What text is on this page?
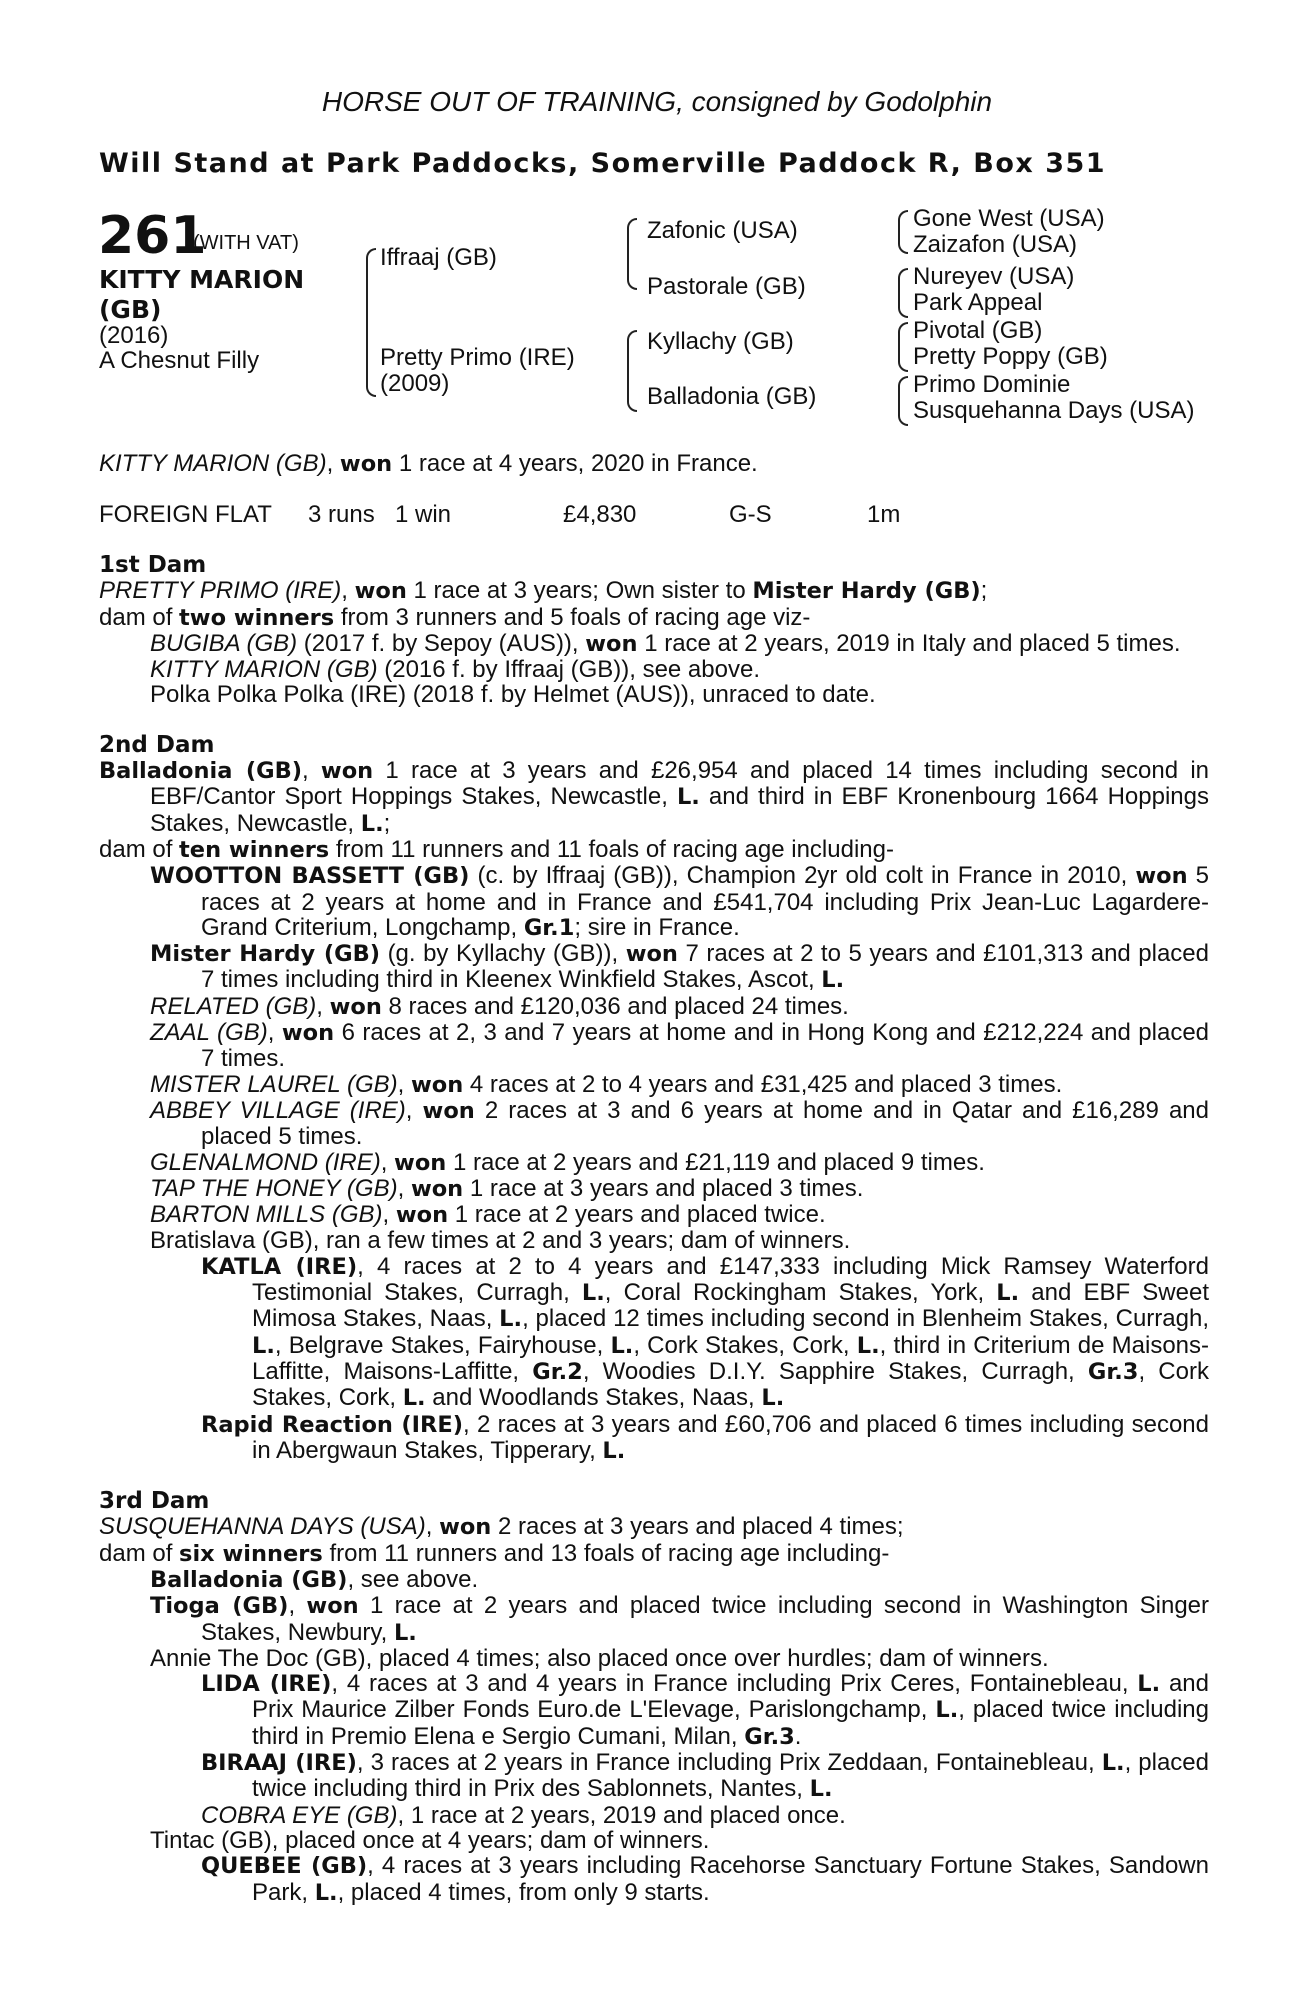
HORSE OUT OF TRAINING, consigned by Godolphin
Will Stand at Park Paddocks, Somerville Paddock R, Box 351
261
(WITH VAT)
KITTY MARION (GB)
(2016)
A Chesnut Filly
Iffraaj (GB)
Pretty Primo (IRE)
(2009)
Zafonic (USA)
Pastorale (GB)
Kyllachy (GB)
Balladonia (GB)
Gone West (USA)
Zaizafon (USA)
Nureyev (USA)
Park Appeal
Pivotal (GB)
Pretty Poppy (GB)
Primo Dominie
Susquehanna Days (USA)
KITTY MARION (GB), won 1 race at 4 years, 2020 in France.
FOREIGN FLAT 3 runs 1 win	£4,830	G-S	1m
1st Dam
PRETTY PRIMO (IRE), won 1 race at 3 years; Own sister to Mister Hardy (GB);
dam of two winners from 3 runners and 5 foals of racing age viz-
BUGIBA (GB) (2017 f. by Sepoy (AUS)), won 1 race at 2 years, 2019 in Italy and placed 5 times.
KITTY MARION (GB) (2016 f. by Iffraaj (GB)), see above.
Polka Polka Polka (IRE) (2018 f. by Helmet (AUS)), unraced to date.
2nd Dam
Balladonia (GB), won 1 race at 3 years and £26,954 and placed 14 times including second in EBF/Cantor Sport Hoppings Stakes, Newcastle, L. and third in EBF Kronenbourg 1664 Hoppings Stakes, Newcastle, L.;
dam of ten winners from 11 runners and 11 foals of racing age including-
WOOTTON BASSETT (GB) (c. by Iffraaj (GB)), Champion 2yr old colt in France in 2010, won 5 races at 2 years at home and in France and £541,704 including Prix Jean-Luc Lagardere-Grand Criterium, Longchamp, Gr.1; sire in France.
Mister Hardy (GB) (g. by Kyllachy (GB)), won 7 races at 2 to 5 years and £101,313 and placed 7 times including third in Kleenex Winkfield Stakes, Ascot, L.
RELATED (GB), won 8 races and £120,036 and placed 24 times.
ZAAL (GB), won 6 races at 2, 3 and 7 years at home and in Hong Kong and £212,224 and placed 7 times.
MISTER LAUREL (GB), won 4 races at 2 to 4 years and £31,425 and placed 3 times.
ABBEY VILLAGE (IRE), won 2 races at 3 and 6 years at home and in Qatar and £16,289 and placed 5 times.
GLENALMOND (IRE), won 1 race at 2 years and £21,119 and placed 9 times.
TAP THE HONEY (GB), won 1 race at 3 years and placed 3 times.
BARTON MILLS (GB), won 1 race at 2 years and placed twice.
Bratislava (GB), ran a few times at 2 and 3 years; dam of winners.
KATLA (IRE), 4 races at 2 to 4 years and £147,333 including Mick Ramsey Waterford Testimonial Stakes, Curragh, L., Coral Rockingham Stakes, York, L. and EBF Sweet Mimosa Stakes, Naas, L., placed 12 times including second in Blenheim Stakes, Curragh, L., Belgrave Stakes, Fairyhouse, L., Cork Stakes, Cork, L., third in Criterium de Maisons-Laffitte, Maisons-Laffitte, Gr.2, Woodies D.I.Y. Sapphire Stakes, Curragh, Gr.3, Cork Stakes, Cork, L. and Woodlands Stakes, Naas, L.
Rapid Reaction (IRE), 2 races at 3 years and £60,706 and placed 6 times including second in Abergwaun Stakes, Tipperary, L.
3rd Dam
SUSQUEHANNA DAYS (USA), won 2 races at 3 years and placed 4 times;
dam of six winners from 11 runners and 13 foals of racing age including-
Balladonia (GB), see above.
Tioga (GB), won 1 race at 2 years and placed twice including second in Washington Singer Stakes, Newbury, L.
Annie The Doc (GB), placed 4 times; also placed once over hurdles; dam of winners.
LIDA (IRE), 4 races at 3 and 4 years in France including Prix Ceres, Fontainebleau, L. and Prix Maurice Zilber Fonds Euro.de L'Elevage, Parislongchamp, L., placed twice including third in Premio Elena e Sergio Cumani, Milan, Gr.3.
BIRAAJ (IRE), 3 races at 2 years in France including Prix Zeddaan, Fontainebleau, L., placed twice including third in Prix des Sablonnets, Nantes, L.
COBRA EYE (GB), 1 race at 2 years, 2019 and placed once.
Tintac (GB), placed once at 4 years; dam of winners.
QUEBEE (GB), 4 races at 3 years including Racehorse Sanctuary Fortune Stakes, Sandown Park, L., placed 4 times, from only 9 starts.
